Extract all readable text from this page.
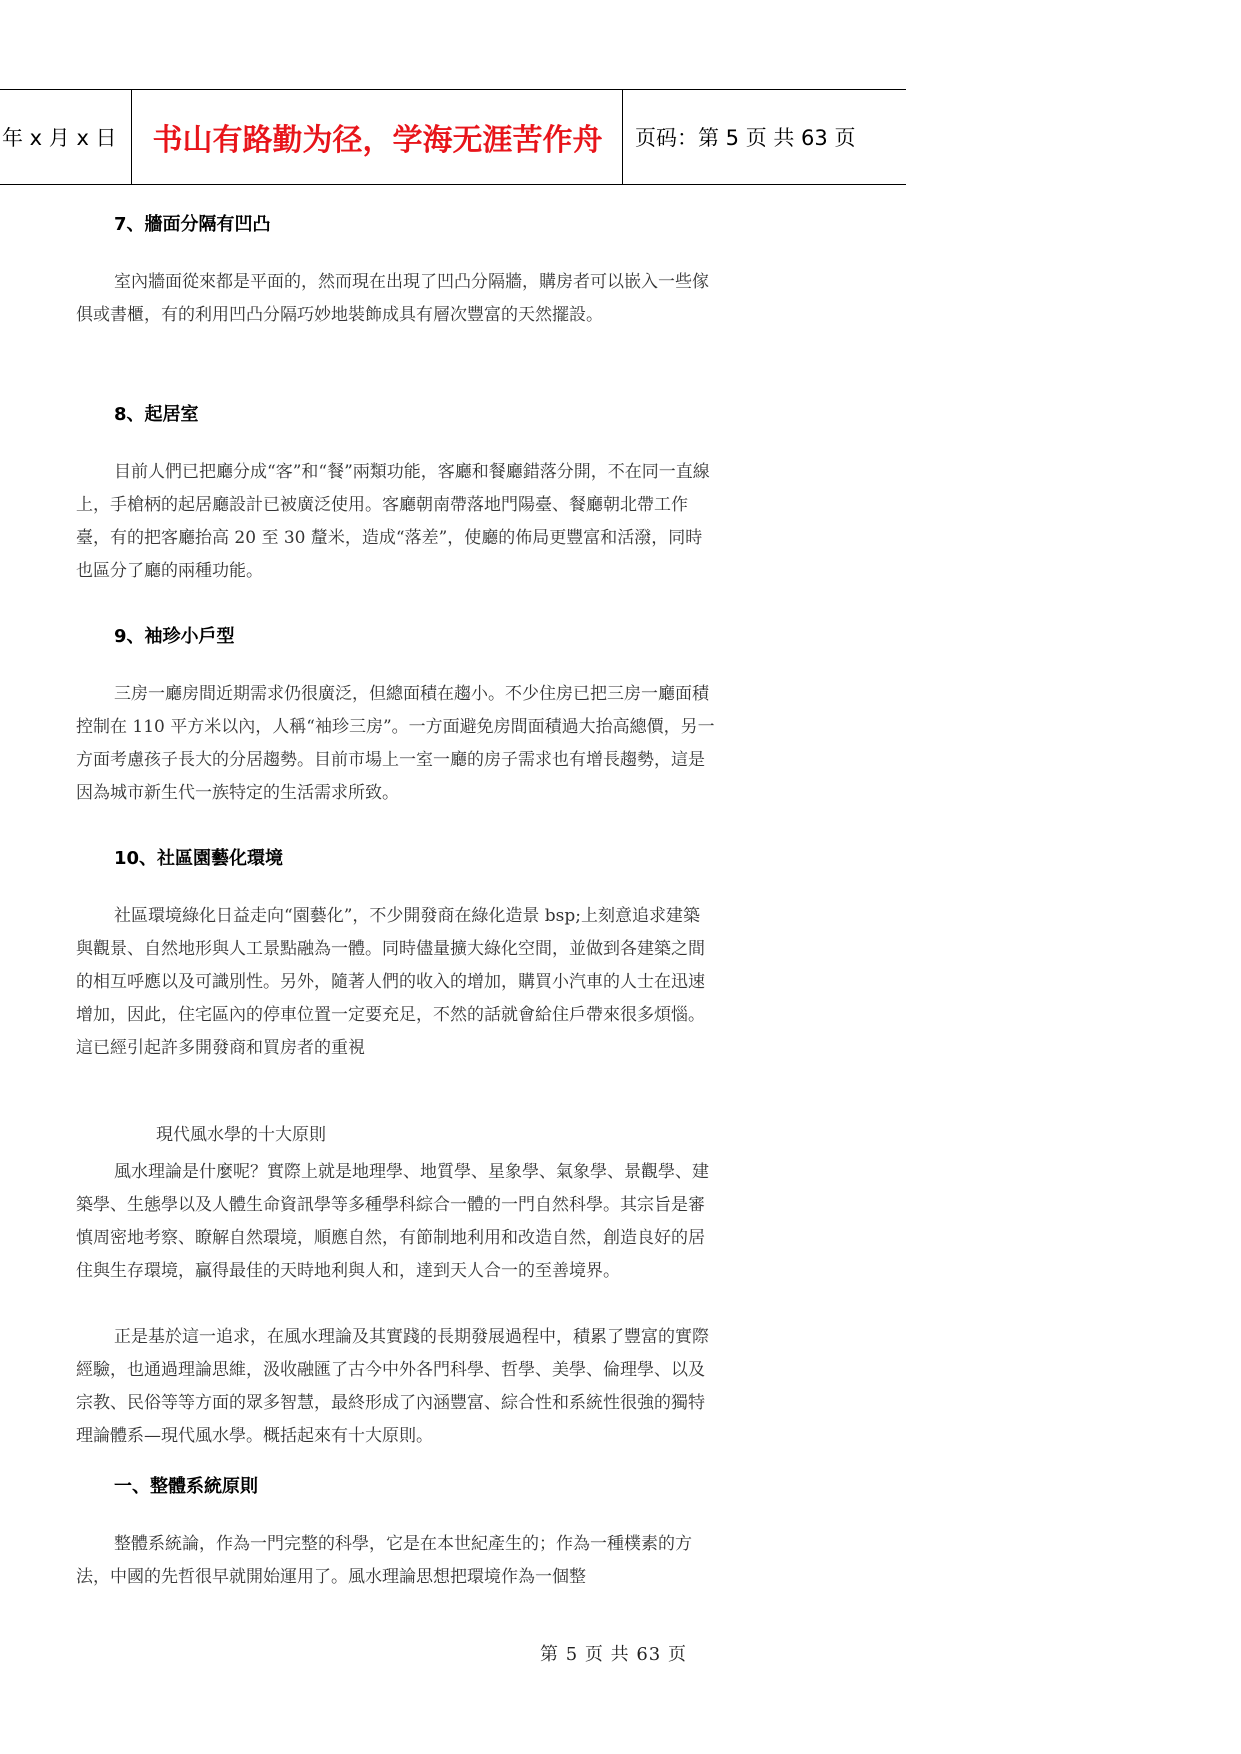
年 x 月 x 日	书山有路勤为径，学海无涯苦作舟	页码：第 5 页 共 63 页
7、牆面分隔有凹凸
室內牆面從來都是平面的，然而現在出現了凹凸分隔牆，購房者可以嵌入一些傢俱或書櫃，有的利用凹凸分隔巧妙地裝飾成具有層次豐富的天然擺設。
8、起居室
目前人們已把廳分成“客”和“餐”兩類功能，客廳和餐廳錯落分開，不在同一直線上，手槍柄的起居廳設計已被廣泛使用。客廳朝南帶落地門陽臺、餐廳朝北帶工作臺，有的把客廳抬高 20 至 30 釐米，造成“落差”，使廳的佈局更豐富和活潑，同時也區分了廳的兩種功能。
9、袖珍小戶型
三房一廳房間近期需求仍很廣泛，但總面積在趨小。不少住房已把三房一廳面積控制在 110 平方米以內，人稱“袖珍三房”。一方面避免房間面積過大抬高總價，另一方面考慮孩子長大的分居趨勢。目前市場上一室一廳的房子需求也有增長趨勢，這是因為城市新生代一族特定的生活需求所致。
10、社區園藝化環境
社區環境綠化日益走向“園藝化”，不少開發商在綠化造景 bsp;上刻意追求建築與觀景、自然地形與人工景點融為一體。同時儘量擴大綠化空間，並做到各建築之間的相互呼應以及可識別性。另外，隨著人們的收入的增加，購買小汽車的人士在迅速增加，因此，住宅區內的停車位置一定要充足，不然的話就會給住戶帶來很多煩惱。這已經引起許多開發商和買房者的重視
現代風水學的十大原則
風水理論是什麼呢？實際上就是地理學、地質學、星象學、氣象學、景觀學、建築學、生態學以及人體生命資訊學等多種學科綜合一體的一門自然科學。其宗旨是審慎周密地考察、瞭解自然環境，順應自然，有節制地利用和改造自然，創造良好的居住與生存環境，贏得最佳的天時地利與人和，達到天人合一的至善境界。
正是基於這一追求，在風水理論及其實踐的長期發展過程中，積累了豐富的實際經驗，也通過理論思維，汲收融匯了古今中外各門科學、哲學、美學、倫理學、以及宗教、民俗等等方面的眾多智慧，最終形成了內涵豐富、綜合性和系統性很強的獨特理論體系—現代風水學。概括起來有十大原則。
一、整體系統原則
整體系統論，作為一門完整的科學，它是在本世紀產生的；作為一種樸素的方法，中國的先哲很早就開始運用了。風水理論思想把環境作為一個整
第 5 页 共 63 页
